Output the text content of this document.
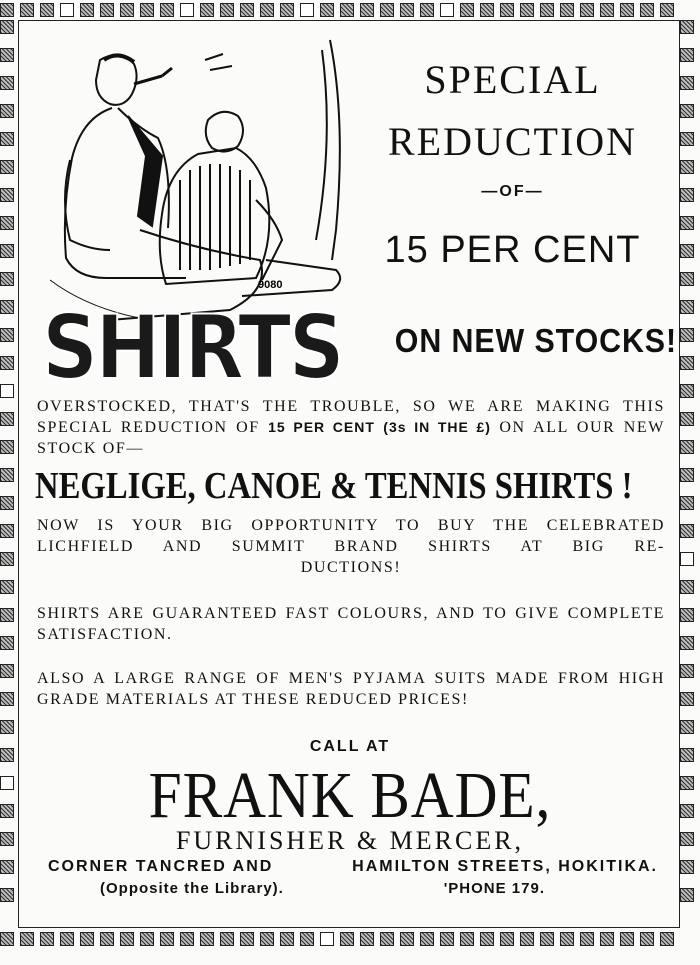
9080
SHIRTS
SPECIAL
REDUCTION
—OF—
15 PER CENT
ON NEW STOCKS!
OVERSTOCKED, THAT'S THE TROUBLE, SO WE ARE MAKING THIS SPECIAL REDUCTION OF 15 PER CENT (3s IN THE £) ON ALL OUR NEW STOCK OF—
NEGLIGE, CANOE & TENNIS SHIRTS !
NOW IS YOUR BIG OPPORTUNITY TO BUY THE CELEBRATED LICHFIELD AND SUMMIT BRAND SHIRTS AT BIG RE-
DUCTIONS!
SHIRTS ARE GUARANTEED FAST COLOURS, AND TO GIVE COMPLETE SATISFACTION.
ALSO A LARGE RANGE OF MEN'S PYJAMA SUITS MADE FROM HIGH GRADE MATERIALS AT THESE REDUCED PRICES!
CALL AT
FRANK BADE,
FURNISHER & MERCER,
CORNER TANCRED AND	HAMILTON STREETS, HOKITIKA.
(Opposite the Library).	'PHONE 179.
